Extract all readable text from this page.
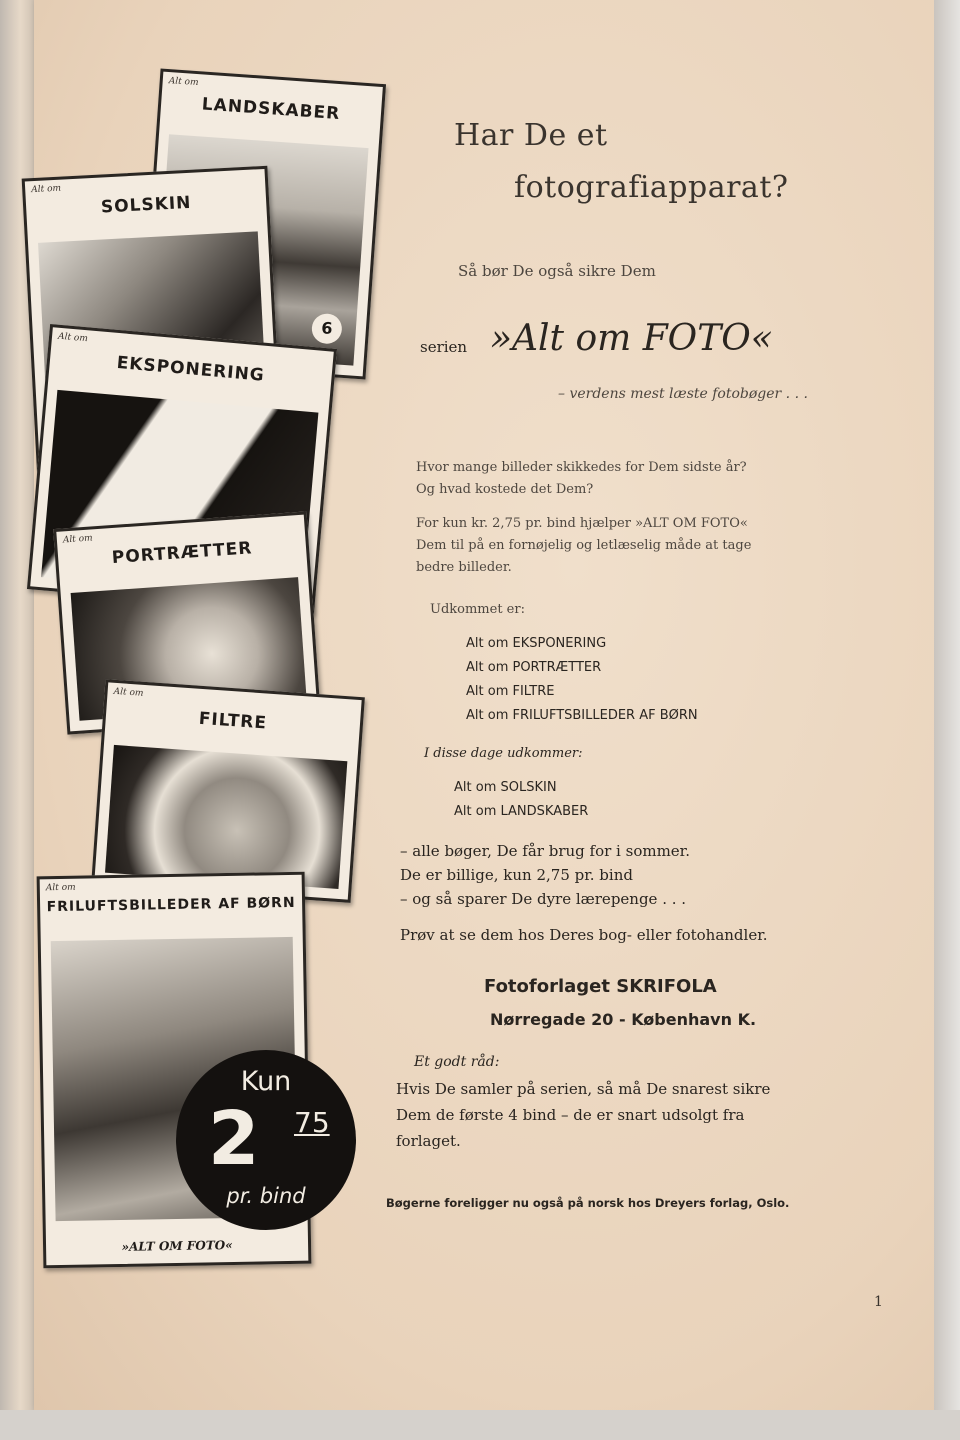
Alt om
LANDSKABER
6
Alt om
SOLSKIN
Alt om
EKSPONERING
Alt om	PORTRÆTTER
Alt om
FILTRE
Alt om
FRILUFTSBILLEDER AF BØRN
»ALT OM FOTO«
Kun
2 75
pr. bind
Har De et
fotografiapparat?
Så bør De også sikre Dem
serien »Alt om FOTO«
– verdens mest læste fotobøger . . .
Hvor mange billeder skikkedes for Dem sidste år?
Og hvad kostede det Dem?
For kun kr. 2,75 pr. bind hjælper »ALT OM FOTO«
Dem til på en fornøjelig og letlæselig måde at tage
bedre billeder.
Udkommet er:
Alt om EKSPONERING
Alt om PORTRÆTTER
Alt om FILTRE
Alt om FRILUFTSBILLEDER AF BØRN
I disse dage udkommer:
Alt om SOLSKIN
Alt om LANDSKABER
– alle bøger, De får brug for i sommer.
De er billige, kun 2,75 pr. bind
– og så sparer De dyre lærepenge . . .
Prøv at se dem hos Deres bog- eller fotohandler.
Fotoforlaget SKRIFOLA
Nørregade 20 - København K.
Et godt råd:
Hvis De samler på serien, så må De snarest sikre
Dem de første 4 bind – de er snart udsolgt fra
forlaget.
Bøgerne foreligger nu også på norsk hos Dreyers forlag, Oslo.
1
